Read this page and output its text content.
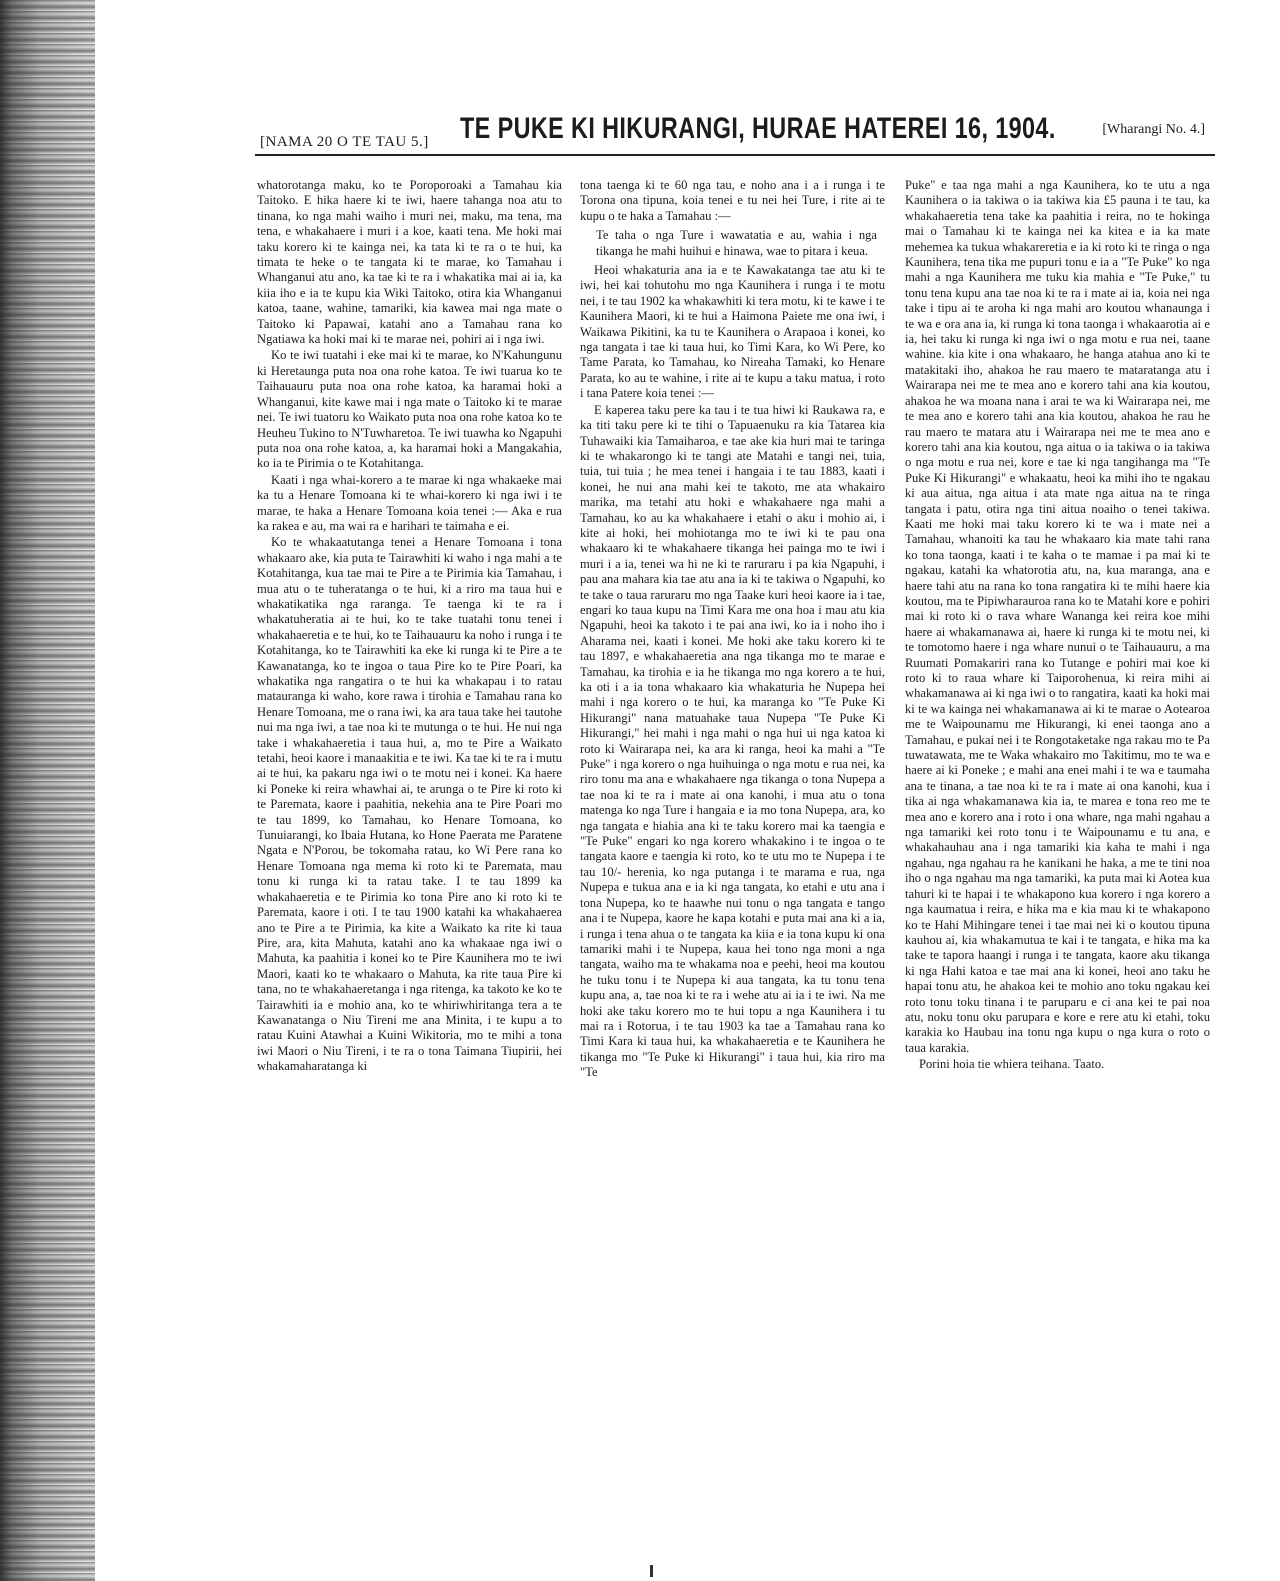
[NAMA 20 O TE TAU 5.] TE PUKE KI HIKURANGI, HURAE HATEREI 16, 1904.	[Wharangi No. 4.]

whatorotanga maku, ko te Poroporoaki a Tamahau kia Taitoko. E hika haere ki te iwi, haere tahanga noa atu to tinana, ko nga mahi waiho i muri nei, maku, ma tena, ma tena, e whakahaere i muri i a koe, kaati tena. Me hoki mai taku korero ki te kainga nei, ka tata ki te ra o te hui, ka timata te heke o te tangata ki te marae, ko Tamahau i Whanganui atu ano, ka tae ki te ra i whakatika mai ai ia, ka kiia iho e ia te kupu kia Wiki Taitoko, otira kia Whanganui katoa, taane, wahine, tamariki, kia kawea mai nga mate o Taitoko ki Papawai, katahi ano a Tamahau rana ko Ngatiawa ka hoki mai ki te marae nei, pohiri ai i nga iwi.

Ko te iwi tuatahi i eke mai ki te marae, ko N'Kahungunu ki Heretaunga puta noa ona rohe katoa. Te iwi tuarua ko te Taihauauru puta noa ona rohe katoa, ka haramai hoki a Whanganui, kite kawe mai i nga mate o Taitoko ki te marae nei. Te iwi tuatoru ko Waikato puta noa ona rohe katoa ko te Heuheu Tukino to N'Tuwharetoa. Te iwi tuawha ko Ngapuhi puta noa ona rohe katoa, a, ka haramai hoki a Mangakahia, ko ia te Pirimia o te Kotahitanga.

Kaati i nga whai-korero a te marae ki nga whakaeke mai ka tu a Henare Tomoana ki te whai-korero ki nga iwi i te marae, te haka a Henare Tomoana koia tenei :— Aka e rua ka rakea e au, ma wai ra e harihari te taimaha e ei.

Ko te whakaatutanga tenei a Henare Tomoana i tona whakaaro ake, kia puta te Tairawhiti ki waho i nga mahi a te Kotahitanga, kua tae mai te Pire a te Pirimia kia Tamahau, i mua atu o te tuheratanga o te hui, ki a riro ma taua hui e whakatikatika nga raranga. Te taenga ki te ra i whakatuheratia ai te hui, ko te take tuatahi tonu tenei i whakahaeretia e te hui, ko te Taihauauru ka noho i runga i te Kotahitanga, ko te Tairawhiti ka eke ki runga ki te Pire a te Kawanatanga, ko te ingoa o taua Pire ko te Pire Poari, ka whakatika nga rangatira o te hui ka whakapau i to ratau matauranga ki waho, kore rawa i tirohia e Tamahau rana ko Henare Tomoana, me o rana iwi, ka ara taua take hei tautohe nui ma nga iwi, a tae noa ki te mutunga o te hui. He nui nga take i whakahaeretia i taua hui, a, mo te Pire a Waikato tetahi, heoi kaore i manaakitia e te iwi. Ka tae ki te ra i mutu ai te hui, ka pakaru nga iwi o te motu nei i konei. Ka haere ki Poneke ki reira whawhai ai, te arunga o te Pire ki roto ki te Paremata, kaore i paahitia, nekehia ana te Pire Poari mo te tau 1899, ko Tamahau, ko Henare Tomoana, ko Tunuiarangi, ko Ibaia Hutana, ko Hone Paerata me Paratene Ngata e N'Porou, be tokomaha ratau, ko Wi Pere rana ko Henare Tomoana nga mema ki roto ki te Paremata, mau tonu ki runga ki ta ratau take. I te tau 1899 ka whakahaeretia e te Pirimia ko tona Pire ano ki roto ki te Paremata, kaore i oti. I te tau 1900 katahi ka whakahaerea ano te Pire a te Pirimia, ka kite a Waikato ka rite ki taua Pire, ara, kita Mahuta, katahi ano ka whakaae nga iwi o Mahuta, ka paahitia i konei ko te Pire Kaunihera mo te iwi Maori, kaati ko te whakaaro o Mahuta, ka rite taua Pire ki tana, no te whakahaeretanga i nga ritenga, ka takoto ke ko te Tairawhiti ia e mohio ana, ko te whiriwhiritanga tera a te Kawanatanga o Niu Tireni me ana Minita, i te kupu a to ratau Kuini Atawhai a Kuini Wikitoria, mo te mihi a tona iwi Maori o Niu Tireni, i te ra o tona Taimana Tiupirii, hei whakamaharatanga ki

tona taenga ki te 60 nga tau, e noho ana i a i runga i te Torona ona tipuna, koia tenei e tu nei hei Ture, i rite ai te kupu o te haka a Tamahau :—

Te taha o nga Ture i wawatatia e au, wahia i nga tikanga he mahi huihui e hinawa, wae to pitara i keua.

Heoi whakaturia ana ia e te Kawakatanga tae atu ki te iwi, hei kai tohutohu mo nga Kaunihera i runga i te motu nei, i te tau 1902 ka whakawhiti ki tera motu, ki te kawe i te Kaunihera Maori, ki te hui a Haimona Paiete me ona iwi, i Waikawa Pikitini, ka tu te Kaunihera o Arapaoa i konei, ko nga tangata i tae ki taua hui, ko Timi Kara, ko Wi Pere, ko Tame Parata, ko Tamahau, ko Nireaha Tamaki, ko Henare Parata, ko au te wahine, i rite ai te kupu a taku matua, i roto i tana Patere koia tenei :—

E kaperea taku pere ka tau i te tua hiwi ki Raukawa ra, e ka titi taku pere ki te tihi o Tapuaenuku ra kia Tatarea kia Tuhawaiki kia Tamaiharoa, e tae ake kia huri mai te taringa ki te whakarongo ki te tangi ate Matahi e tangi nei, tuia, tuia, tui tuia ; he mea tenei i hangaia i te tau 1883, kaati i konei, he nui ana mahi kei te takoto, me ata whakairo marika, ma tetahi atu hoki e whakahaere nga mahi a Tamahau, ko au ka whakahaere i etahi o aku i mohio ai, i kite ai hoki, hei mohiotanga mo te iwi ki te pau ona whakaaro ki te whakahaere tikanga hei painga mo te iwi i muri i a ia, tenei wa hi ne ki te raruraru i pa kia Ngapuhi, i pau ana mahara kia tae atu ana ia ki te takiwa o Ngapuhi, ko te take o taua raruraru mo nga Taake kuri heoi kaore ia i tae, engari ko taua kupu na Timi Kara me ona hoa i mau atu kia Ngapuhi, heoi ka takoto i te pai ana iwi, ko ia i noho iho i Aharama nei, kaati i konei. Me hoki ake taku korero ki te tau 1897, e whakahaeretia ana nga tikanga mo te marae e Tamahau, ka tirohia e ia he tikanga mo nga korero a te hui, ka oti i a ia tona whakaaro kia whakaturia he Nupepa hei mahi i nga korero o te hui, ka maranga ko "Te Puke Ki Hikurangi" nana matuahake taua Nupepa "Te Puke Ki Hikurangi," hei mahi i nga mahi o nga hui ui nga katoa ki roto ki Wairarapa nei, ka ara ki ranga, heoi ka mahi a "Te Puke" i nga korero o nga huihuinga o nga motu e rua nei, ka riro tonu ma ana e whakahaere nga tikanga o tona Nupepa a tae noa ki te ra i mate ai ona kanohi, i mua atu o tona matenga ko nga Ture i hangaia e ia mo tona Nupepa, ara, ko nga tangata e hiahia ana ki te taku korero mai ka taengia e "Te Puke" engari ko nga korero whakakino i te ingoa o te tangata kaore e taengia ki roto, ko te utu mo te Nupepa i te tau 10/- herenia, ko nga putanga i te marama e rua, nga Nupepa e tukua ana e ia ki nga tangata, ko etahi e utu ana i tona Nupepa, ko te haawhe nui tonu o nga tangata e tango ana i te Nupepa, kaore he kapa kotahi e puta mai ana ki a ia, i runga i tena ahua o te tangata ka kiia e ia tona kupu ki ona tamariki mahi i te Nupepa, kaua hei tono nga moni a nga tangata, waiho ma te whakama noa e peehi, heoi ma koutou he tuku tonu i te Nupepa ki aua tangata, ka tu tonu tena kupu ana, a, tae noa ki te ra i wehe atu ai ia i te iwi. Na me hoki ake taku korero mo te hui topu a nga Kaunihera i tu mai ra i Rotorua, i te tau 1903 ka tae a Tamahau rana ko Timi Kara ki taua hui, ka whakahaeretia e te Kaunihera he tikanga mo "Te Puke ki Hikurangi" i taua hui, kia riro ma "Te

Puke" e taa nga mahi a nga Kaunihera, ko te utu a nga Kaunihera o ia takiwa o ia takiwa kia £5 pauna i te tau, ka whakahaeretia tena take ka paahitia i reira, no te hokinga mai o Tamahau ki te kainga nei ka kitea e ia ka mate mehemea ka tukua whakareretia e ia ki roto ki te ringa o nga Kaunihera, tena tika me pupuri tonu e ia a "Te Puke" ko nga mahi a nga Kaunihera me tuku kia mahia e "Te Puke," tu tonu tena kupu ana tae noa ki te ra i mate ai ia, koia nei nga take i tipu ai te aroha ki nga mahi aro koutou whanaunga i te wa e ora ana ia, ki runga ki tona taonga i whakaarotia ai e ia, hei taku ki runga ki nga iwi o nga motu e rua nei, taane wahine. kia kite i ona whakaaro, he hanga atahua ano ki te matakitaki iho, ahakoa he rau maero te mataratanga atu i Wairarapa nei me te mea ano e korero tahi ana kia koutou, ahakoa he wa moana nana i arai te wa ki Wairarapa nei, me te mea ano e korero tahi ana kia koutou, ahakoa he rau he rau maero te matara atu i Wairarapa nei me te mea ano e korero tahi ana kia koutou, nga aitua o ia takiwa o ia takiwa o nga motu e rua nei, kore e tae ki nga tangihanga ma "Te Puke Ki Hikurangi" e whakaatu, heoi ka mihi iho te ngakau ki aua aitua, nga aitua i ata mate nga aitua na te ringa tangata i patu, otira nga tini aitua noaiho o tenei takiwa. Kaati me hoki mai taku korero ki te wa i mate nei a Tamahau, whanoiti ka tau he whakaaro kia mate tahi rana ko tona taonga, kaati i te kaha o te mamae i pa mai ki te ngakau, katahi ka whatorotia atu, na, kua maranga, ana e haere tahi atu na rana ko tona rangatira ki te mihi haere kia koutou, ma te Pipiwharauroa rana ko te Matahi kore e pohiri mai ki roto ki o rava whare Wananga kei reira koe mihi haere ai whakamanawa ai, haere ki runga ki te motu nei, ki te tomotomo haere i nga whare nunui o te Taihauauru, a ma Ruumati Pomakariri rana ko Tutange e pohiri mai koe ki roto ki to raua whare ki Taiporohenua, ki reira mihi ai whakamanawa ai ki nga iwi o to rangatira, kaati ka hoki mai ki te wa kainga nei whakamanawa ai ki te marae o Aotearoa me te Waipounamu me Hikurangi, ki enei taonga ano a Tamahau, e pukai nei i te Rongotaketake nga rakau mo te Pa tuwatawata, me te Waka whakairo mo Takitimu, mo te wa e haere ai ki Poneke ; e mahi ana enei mahi i te wa e taumaha ana te tinana, a tae noa ki te ra i mate ai ona kanohi, kua i tika ai nga whakamanawa kia ia, te marea e tona reo me te mea ano e korero ana i roto i ona whare, nga mahi ngahau a nga tamariki kei roto tonu i te Waipounamu e tu ana, e whakahauhau ana i nga tamariki kia kaha te mahi i nga ngahau, nga ngahau ra he kanikani he haka, a me te tini noa iho o nga ngahau ma nga tamariki, ka puta mai ki Aotea kua tahuri ki te hapai i te whakapono kua korero i nga korero a nga kaumatua i reira, e hika ma e kia mau ki te whakapono ko te Hahi Mihingare tenei i tae mai nei ki o koutou tipuna kauhou ai, kia whakamutua te kai i te tangata, e hika ma ka take te tapora haangi i runga i te tangata, kaore aku tikanga ki nga Hahi katoa e tae mai ana ki konei, heoi ano taku he hapai tonu atu, he ahakoa kei te mohio ano toku ngakau kei roto tonu toku tinana i te paruparu e ci ana kei te pai noa atu, noku tonu oku parupara e kore e rere atu ki etahi, toku karakia ko Haubau ina tonu nga kupu o nga kura o roto o taua karakia.

Porini hoia tie whiera teihana. Taato.
